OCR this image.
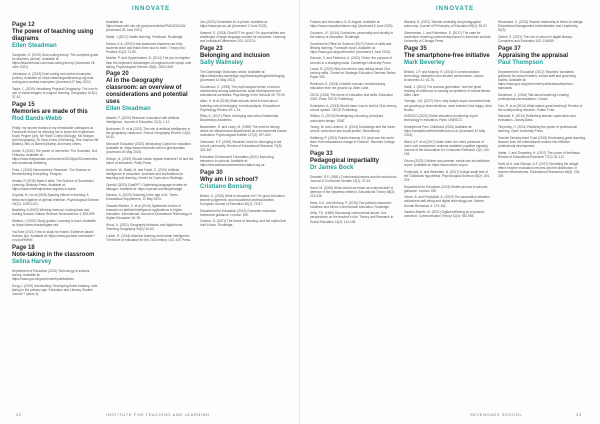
INNOVATE
Page 12
The power of teaching using diagrams
Ellen Steadman

Cavigliole, O. (2019) Dual coding theory: The complete guide for teachers (online). Available at: https://teacherhead.com/dual-coding-theory/ (Accessed 28 June 2021)

Johnstone, A. (2018) Dual coding and worked examples (online). Available at: https://teachingandlearning.org/dual-coding-and-worked-examples/ (Accessed 27 May 2021)

Taylor, L. (2019) Visualising Physical Geography: The how to use of visual imagery to support learning. Geography 104(1): 37-42.

Page 15
Memories are made of this
Rod Bands-Webb

Firstly, my sincere thanks to my remarkable colleagues at Farnworth School for allowing me to share this experience: Suzie Pepper (Art), Mr Robin Colley (Biology), Ms Morgan (Art/Geography), Dr Sara Jones (Chemistry), Mrs Joanna Hill (Maths), Mrs Jo Barrett (Maths) and many others.

Coder, S (2020) The power of memories: The Guardian, 2nd February. Available at: https://www.theguardian.com/science/2020/jan/31/memories-and-emotional-wellbeing

Feist, J (2019) Neuroscience Research: The Science of Remembering Everything. Penguin.

Healey, R (2019) Make it stick: The Science of Successful Learning. Belknap Press. Available at: https://www.retrievalpractice.org/why-it-works

Cepeda, N.J et al (2008) Spacing effects in learning: A temporal ridgeline of optimal retention. Psychological Science 19(11): 1095-1102.

Baddeley, A (2003) Working memory: looking back and looking forward. Nature Reviews Neuroscience 4: 829-839.

Stanton, J (2021) Study guides: Learning to learn. Available at: https://www.researchgate.net/

YouTube (2021) How to study for exams: Evidence-based revision tips. Available at: https://www.youtube.com/watch?v=ukLnPbIffxE

Page 18
Note-taking in the classroom
Selina Harvey

Department of Education (2021) Technology in schools survey: Available at: https://www.gov.uk/government/publications

Doug, L (2019) Handwriting: Developing fluent mastery, note-taking in the primary age. Education and Literacy Studies Journal 7 (issue 3).

Available at: https://www.ncbi.nlm.nih.gov/pmc/articles/PMC6210349/ (Accessed 28 June 2021)

Hattie, J (2017) Visible learning: Feedback. Routledge.

Kiewra, K.A. (2002) How classroom teachers can help students learn and teach them how to learn. Theory into Practice 41(2): 71-80.

Mueller, P. and Oppenheimer, D. (2014) The pen is mightier than the keyboard: Advantages of longhand over laptop note taking. Psychological Science 25(6): 1159-1168.

Page 20
AI in the Geography classroom: an overview of considerations and potential uses
Ellen Steadman

Alsaleh, F. (2020) Research innovation with Artificial Intelligence. Journal of Education 21(2): 1-12.

Buchanan, R. et al (2022) The role of artificial intelligence in the geography classroom. School Geography Review 14(3): 54-61.

Microsoft Education (2023) Introducing Copilot for education. Available at: https://www.microsoft.com/en-gb/education (Accessed 26 May 2023).

Selwyn, N. (2019) Should robots replace teachers? AI and the future of education. Polity Press.

Holmes, W., Bialik, M. and Fadel, C. (2019) Artificial intelligence in education: promises and implications for teaching and learning. Center for Curriculum Redesign.

OpenAI (2023) ChatGPT: Optimizing language models for dialogue. Available at: https://openai.com/blog/chatgpt

Hanson, A. (2023) Teaching in the age of AI. Times Educational Supplement, 12 May 2023.

Zawacki-Richter, O. et al (2019) Systematic review of research on artificial intelligence applications in higher education. International Journal of Educational Technology in Higher Education 16: 39.

Wood, A. (2021) Geography fieldwork and digital tools. Teaching Geography 46(2): 60-63.

Luckin, R. (2018) Machine learning and human intelligence: The future of education for the 21st century. UCL IOE Press.

Jisc (2023) Generative AI: A primer. Available at: https://www.jisc.ac.uk/ (Accessed 2 June 2023).

Kasneci, E. (2023) ChatGPT for good? On opportunities and challenges of large language models for education. Learning and Individual Differences 103: 102274.

Page 23
Belonging and inclusion
Sally Walmsley

The Cambridge Dictionary online. Available at: https://dictionary.cambridge.org/dictionary/english/belonging (Accessed 10 May 2021).

Goodenow, C. (1993) The psychological sense of school membership among adolescents: scale development and educational correlates. Psychology in the Schools 30: 79-90.

Allen, K. et al (2018) What schools need to know about fostering school belonging: a meta-analysis. Educational Psychology Review 30: 1-34.

Riley, K. (2017) Place, belonging and school leadership. Bloomsbury Academic.

Baumeister, R. and Leary, M. (1995) The need to belong: desire for interpersonal attachments as a fundamental human motivation. Psychological Bulletin 117(3): 497-529.

Osterman, K.F. (2000) Students' need for belonging in the school community. Review of Educational Research 70(3): 323-367.

Education Endowment Foundation (2021) Improving behaviour in schools. Available at: https://educationendowmentfoundation.org.uk

Page 30
Why am I in school?
Cristiano Bonsing

Biesta, G. (2015) What is education for? On good education, teacher judgement, and educational professionalism. European Journal of Education 50(1): 75-87.

Department for Education (2019) Character education framework guidance. London: DfE.

Claxton, G. (2021) The future of teaching: and the myths that hold it back. Routledge.

32	INSTITUTE FOR TEACHING AND LEARNING
INNOVATE

Futures and Innovation, 5-12 August. Available at: https://www.educationfutures.org/ (Accessed 5 June 2023).

Goodson, I.F. (2014) Curriculum, personality and identity in the history of education. Routledge.

Government Office for Science (2017) Future of skills and lifelong learning. Foresight report. Available at: https://www.gov.uk/government/ (Accessed 4 June 2023).

Hannon, V. and Peterson, A. (2021) Thrive: the purpose of schools in a changing world. Cambridge University Press.

Lucas, B. (2019) Why we need to stop talking about 21st century skills. Centre for Strategic Education Seminar Series Paper 283.

Robinson, K. (2015) Creative schools: revolutionizing education from the ground up. Allen Lane.

OECD (2018) The future of education and skills: Education 2030. Paris: OECD Publishing.

Schleicher, A. (2018) World class: how to build a 21st-century school system. OECD Publishing.

Wiliam, D. (2013) Redesigning schooling: principled curriculum design. SSAT.

Young, M. and Lambert, D. (2014) Knowledge and the future school: curriculum and social justice. Bloomsbury.

Sahlberg, P. (2021) Finnish lessons 3.0: what can the world learn from educational change in Finland? Teachers College Press.

Page 33
Pedagogical impartiality
Dr James Bock

Dearden, R.F. (1981) Controversial issues and the curriculum. Journal of Curriculum Studies 13(1): 37-44.

Hand, M. (2008) What should we teach as controversial? A defense of the epistemic criterion. Educational Theory 58(2): 213-228.

Hess, D.E. and McAvoy, P. (2015) The political classroom: evidence and ethics in democratic education. Routledge.

Kelly, T.E. (1986) Discussing controversial issues: four perspectives on the teacher's role. Theory and Research in Social Education 14(2): 113-138.

Warnick, B. (2021) Teacher neutrality and pedagogical autonomy. Journal of Philosophy of Education 55(1): 81-97.

Zimmerman, J. and Robertson, E. (2017) The case for contention: teaching controversial issues in American schools. University of Chicago Press.

Page 35
The smartphone-free initiative
Mark Beverley

Beland, L.P. and Murphy, R. (2016) Ill communication: technology, distraction and student performance. Labour Economics 41: 61-76.

Haidt, J. (2024) The anxious generation: how the great rewiring of childhood is causing an epidemic of mental illness. Allen Lane.

Twenge, J.M. (2017) iGen: why today's super-connected kids are growing up less rebellious, more tolerant, less happy. Atria Books.

UNESCO (2023) Global education monitoring report: technology in education. Paris: UNESCO.

Smartphone Free Childhood (2024) Available at: https://smartphonefreechildhood.co.uk (Accessed 10 May 2024).

Ward, A.F. et al (2017) Brain drain: the mere presence of one's own smartphone reduces available cognitive capacity. Journal of the Association for Consumer Research 2(2): 140-154.

Ofcom (2023) Children and parents: media use and attitudes report. Available at: https://www.ofcom.org.uk

Przybylski, A. and Weinstein, N. (2017) A large-scale test of the Goldilocks hypothesis. Psychological Science 28(2): 204-215.

Department for Education (2024) Mobile phones in schools: guidance. London: DfE.

Orben, A. and Przybylski, A. (2019) The association between adolescent well-being and digital technology use. Nature Human Behaviour 3: 173-182.

Vanden Abeele, M. (2021) Digital wellbeing as a dynamic construct. Communication Theory 31(4): 932-955.

Woodward, S. (2023) Teacher leadership in times of change. Educational Management Administration and Leadership 51(3).

Ziebell, S. (2021) The role of school in digital literacy. Computers and Education 162: 104089.

Page 37
Appraising the appraisal
Paul Thompson

Department for Education (2012) Teachers' standards: guidance for school leaders, school staff and governing bodies. Available at: https://www.gov.uk/government/publications/teachers-standards

Danielson, C. (2016) Talk about teaching! Leading professional conversations. Corwin.

Coe, R. et al (2014) What makes great teaching? Review of the underpinning research. Sutton Trust.

Marshall, K. (2013) Rethinking teacher supervision and evaluation. Jossey-Bass.

Timperley, H. (2011) Realizing the power of professional learning. Open University Press.

Teacher Development Trust (2015) Developing great teaching: lessons from the international reviews into effective professional development.

Hattie, J. and Timperley, H. (2007) The power of feedback. Review of Educational Research 77(1): 81-112.

Kraft, M.A. and Gilmour, A.F. (2017) Revisiting the widget effect: teacher evaluation reforms and the distribution of teacher effectiveness. Educational Researcher 46(5): 234-249.

SEVENOAKS SCHOOL	33
